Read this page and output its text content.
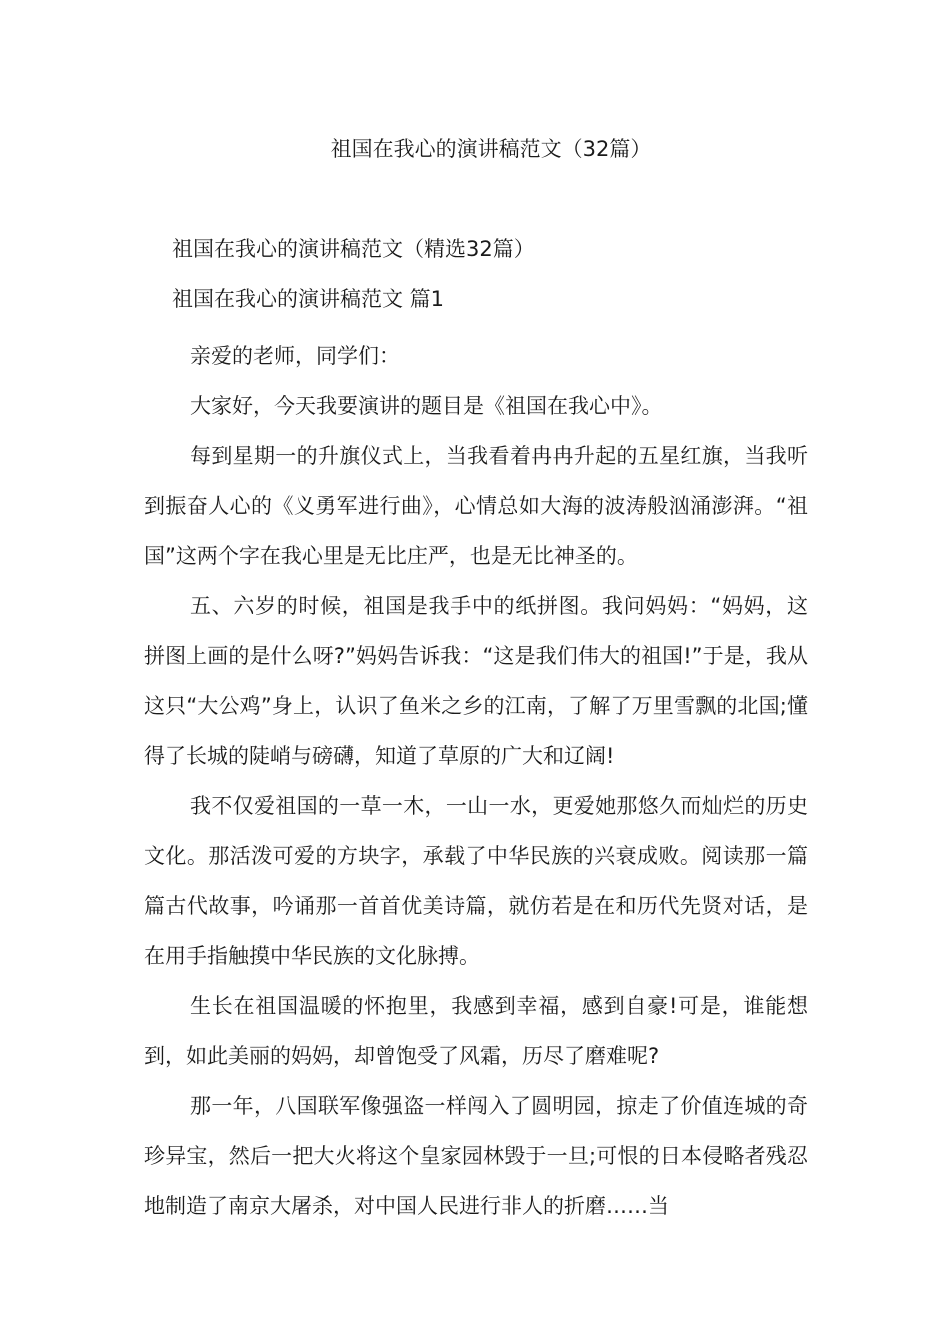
祖国在我心的演讲稿范文（32篇）
祖国在我心的演讲稿范文（精选32篇）
祖国在我心的演讲稿范文 篇1

亲爱的老师，同学们：

大家好，今天我要演讲的题目是《祖国在我心中》。

每到星期一的升旗仪式上，当我看着冉冉升起的五星红旗，当我听到振奋人心的《义勇军进行曲》，心情总如大海的波涛般汹涌澎湃。“祖国”这两个字在我心里是无比庄严，也是无比神圣的。

五、六岁的时候，祖国是我手中的纸拼图。我问妈妈：“妈妈，这拼图上画的是什么呀?”妈妈告诉我：“这是我们伟大的祖国!”于是，我从这只“大公鸡”身上，认识了鱼米之乡的江南，了解了万里雪飘的北国;懂得了长城的陡峭与磅礴，知道了草原的广大和辽阔!

我不仅爱祖国的一草一木，一山一水，更爱她那悠久而灿烂的历史文化。那活泼可爱的方块字，承载了中华民族的兴衰成败。阅读那一篇篇古代故事，吟诵那一首首优美诗篇，就仿若是在和历代先贤对话，是在用手指触摸中华民族的文化脉搏。

生长在祖国温暖的怀抱里，我感到幸福，感到自豪!可是，谁能想到，如此美丽的妈妈，却曾饱受了风霜，历尽了磨难呢?

那一年，八国联军像强盗一样闯入了圆明园，掠走了价值连城的奇珍异宝，然后一把大火将这个皇家园林毁于一旦;可恨的日本侵略者残忍地制造了南京大屠杀，对中国人民进行非人的折磨……当
